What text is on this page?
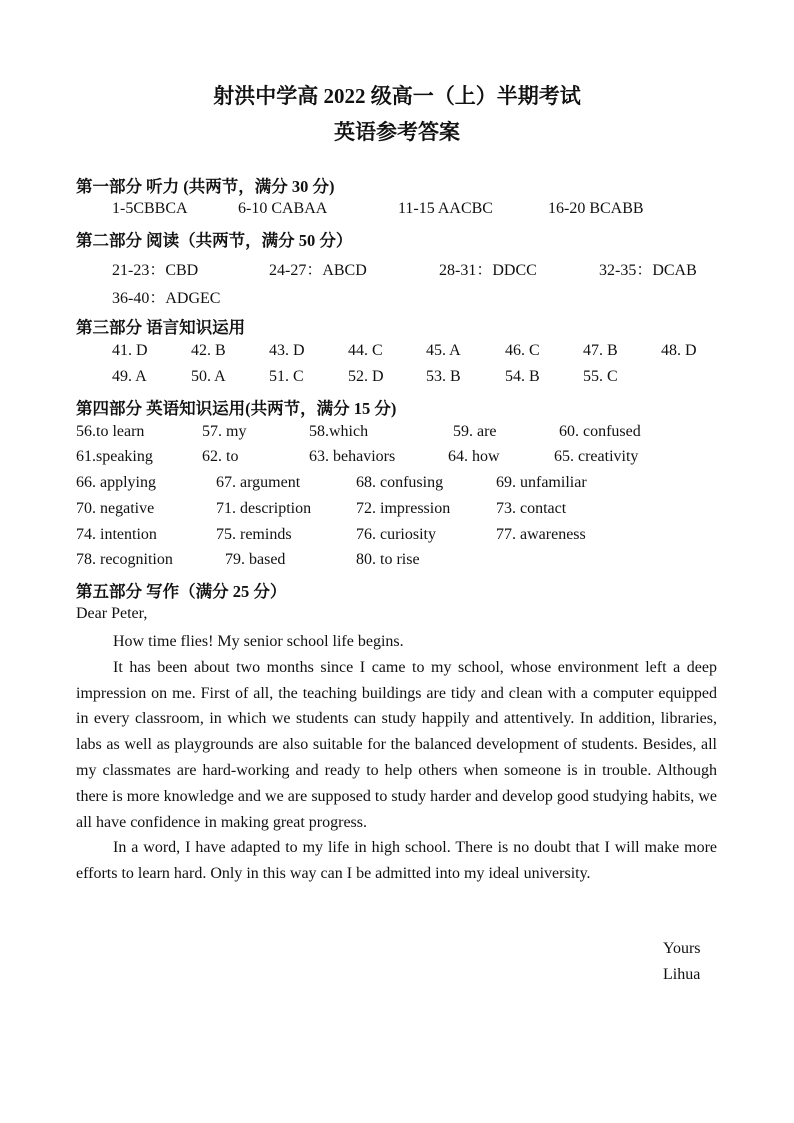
射洪中学高 2022 级高一（上）半期考试
英语参考答案
第一部分 听力 (共两节，满分 30 分)
1-5CBBCA	6-10 CABAA	11-15 AACBC	16-20 BCABB
第二部分 阅读（共两节，满分 50 分）
21-23：CBD	24-27：ABCD	28-31：DDCC	32-35：DCAB
36-40：ADGEC
第三部分 语言知识运用
41. D	42. B	43. D	44. C	45. A	46. C	47. B	48. D
49. A	50. A	51. C	52. D	53. B	54. B	55. C
第四部分 英语知识运用(共两节，满分 15 分)
56.to learn	57. my	58.which	59. are	60. confused
61.speaking	62. to	63. behaviors	64. how	65. creativity
66. applying	67. argument	68. confusing	69. unfamiliar
70. negative	71. description	72. impression	73. contact
74. intention	75. reminds	76. curiosity	77. awareness
78. recognition	79. based	80. to rise
第五部分 写作（满分 25 分）
Dear Peter,

How time flies! My senior school life begins.

It has been about two months since I came to my school, whose environment left a deep impression on me. First of all, the teaching buildings are tidy and clean with a computer equipped in every classroom, in which we students can study happily and attentively. In addition, libraries, labs as well as playgrounds are also suitable for the balanced development of students. Besides, all my classmates are hard-working and ready to help others when someone is in trouble. Although there is more knowledge and we are supposed to study harder and develop good studying habits, we all have confidence in making great progress.

In a word, I have adapted to my life in high school. There is no doubt that I will make more efforts to learn hard. Only in this way can I be admitted into my ideal university.

Yours
Lihua
